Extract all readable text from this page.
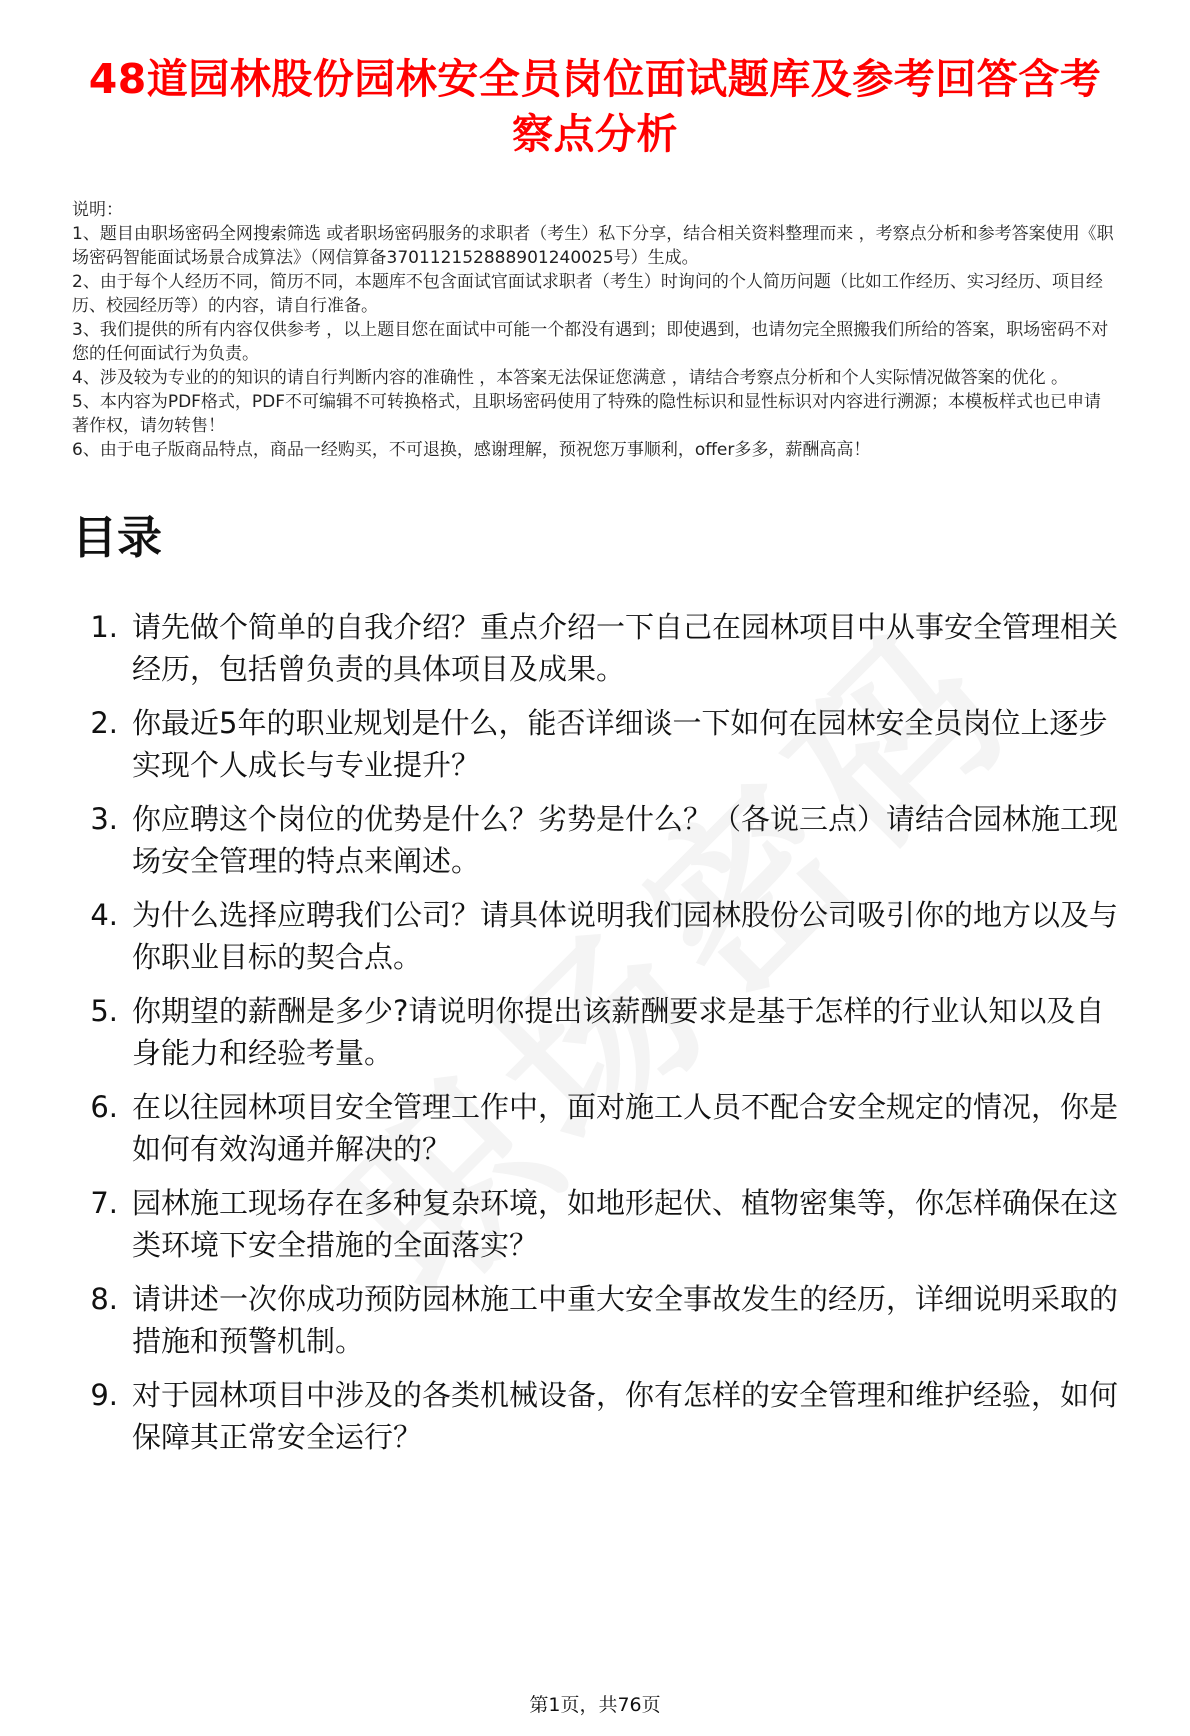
48道园林股份园林安全员岗位面试题库及参考回答含考察点分析

说明：

1、题目由职场密码全网搜索筛选 或者职场密码服务的求职者（考生）私下分享，结合相关资料整理而来 ，考察点分析和参考答案使用《职场密码智能面试场景合成算法》（网信算备370112152888901240025号）生成。

2、由于每个人经历不同，简历不同，本题库不包含面试官面试求职者（考生）时询问的个人简历问题（比如工作经历、实习经历、项目经历、校园经历等）的内容，请自行准备。

3、我们提供的所有内容仅供参考 ，以上题目您在面试中可能一个都没有遇到；即使遇到，也请勿完全照搬我们所给的答案，职场密码不对您的任何面试行为负责。

4、涉及较为专业的的知识的请自行判断内容的准确性 ，本答案无法保证您满意 ，请结合考察点分析和个人实际情况做答案的优化 。

5、本内容为PDF格式，PDF不可编辑不可转换格式，且职场密码使用了特殊的隐性标识和显性标识对内容进行溯源；本模板样式也已申请著作权，请勿转售！

6、由于电子版商品特点，商品一经购买，不可退换，感谢理解，预祝您万事顺利，offer多多，薪酬高高！

目录
1. 请先做个简单的自我介绍？重点介绍一下自己在园林项目中从事安全管理相关经历，包括曾负责的具体项目及成果。
2. 你最近5年的职业规划是什么，能否详细谈一下如何在园林安全员岗位上逐步实现个人成长与专业提升？
3. 你应聘这个岗位的优势是什么？劣势是什么？（各说三点）请结合园林施工现场安全管理的特点来阐述。
4. 为什么选择应聘我们公司？请具体说明我们园林股份公司吸引你的地方以及与你职业目标的契合点。
5. 你期望的薪酬是多少?请说明你提出该薪酬要求是基于怎样的行业认知以及自身能力和经验考量。
6. 在以往园林项目安全管理工作中，面对施工人员不配合安全规定的情况，你是如何有效沟通并解决的？
7. 园林施工现场存在多种复杂环境，如地形起伏、植物密集等，你怎样确保在这类环境下安全措施的全面落实？
8. 请讲述一次你成功预防园林施工中重大安全事故发生的经历，详细说明采取的措施和预警机制。
9. 对于园林项目中涉及的各类机械设备，你有怎样的安全管理和维护经验，如何保障其正常安全运行？
第1页，共76页
